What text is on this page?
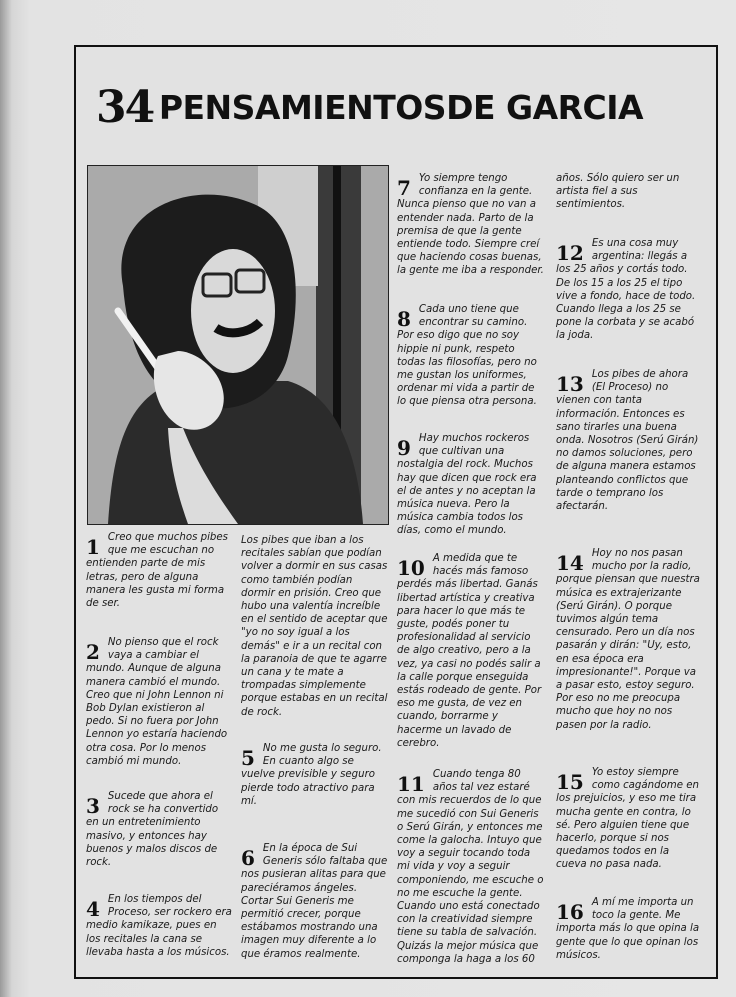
34 PENSAMIENTOSDE GARCIA
1 Creo que muchos pibes que me escuchan no entienden parte de mis letras, pero de alguna manera les gusta mi forma de ser.
2 No pienso que el rock vaya a cambiar el mundo. Aunque de alguna manera cambió el mundo. Creo que ni John Lennon ni Bob Dylan existieron al pedo. Si no fuera por John Lennon yo estaría haciendo otra cosa. Por lo menos cambió mi mundo.
3 Sucede que ahora el rock se ha convertido en un entretenimiento masivo, y entonces hay buenos y malos discos de rock.
4 En los tiempos del Proceso, ser rockero era medio kamikaze, pues en los recitales la cana se llevaba hasta a los músicos.
Los pibes que iban a los recitales sabían que podían volver a dormir en sus casas como también podían dormir en prisión. Creo que hubo una valentía increíble en el sentido de aceptar que "yo no soy igual a los demás" e ir a un recital con la paranoia de que te agarre un cana y te mate a trompadas simplemente porque estabas en un recital de rock.
5 No me gusta lo seguro. En cuanto algo se vuelve previsible y seguro pierde todo atractivo para mí.
6 En la época de Sui Generis sólo faltaba que nos pusieran alitas para que pareciéramos ángeles. Cortar Sui Generis me permitió crecer, porque estábamos mostrando una imagen muy diferente a lo que éramos realmente.
7 Yo siempre tengo confianza en la gente. Nunca pienso que no van a entender nada. Parto de la premisa de que la gente entiende todo. Siempre creí que haciendo cosas buenas, la gente me iba a responder.
8 Cada uno tiene que encontrar su camino. Por eso digo que no soy hippie ni punk, respeto todas las filosofías, pero no me gustan los uniformes, ordenar mi vida a partir de lo que piensa otra persona.
9 Hay muchos rockeros que cultivan una nostalgia del rock. Muchos hay que dicen que rock era el de antes y no aceptan la música nueva. Pero la música cambia todos los días, como el mundo.
10 A medida que te hacés más famoso perdés más libertad. Ganás libertad artística y creativa para hacer lo que más te guste, podés poner tu profesionalidad al servicio de algo creativo, pero a la vez, ya casi no podés salir a la calle porque enseguida estás rodeado de gente. Por eso me gusta, de vez en cuando, borrarme y hacerme un lavado de cerebro.
11 Cuando tenga 80 años tal vez estaré con mis recuerdos de lo que me sucedió con Sui Generis o Serú Girán, y entonces me come la galocha. Intuyo que voy a seguir tocando toda mi vida y voy a seguir componiendo, me escuche o no me escuche la gente. Cuando uno está conectado con la creatividad siempre tiene su tabla de salvación. Quizás la mejor música que componga la haga a los 60
años. Sólo quiero ser un artista fiel a sus sentimientos.
12 Es una cosa muy argentina: llegás a los 25 años y cortás todo. De los 15 a los 25 el tipo vive a fondo, hace de todo. Cuando llega a los 25 se pone la corbata y se acabó la joda.
13 Los pibes de ahora (El Proceso) no vienen con tanta información. Entonces es sano tirarles una buena onda. Nosotros (Serú Girán) no damos soluciones, pero de alguna manera estamos planteando conflictos que tarde o temprano los afectarán.
14 Hoy no nos pasan mucho por la radio, porque piensan que nuestra música es extrajerizante (Serú Girán). O porque tuvimos algún tema censurado. Pero un día nos pasarán y dirán: "Uy, esto, en esa época era impresionante!". Porque va a pasar esto, estoy seguro. Por eso no me preocupa mucho que hoy no nos pasen por la radio.
15 Yo estoy siempre como cagándome en los prejuicios, y eso me tira mucha gente en contra, lo sé. Pero alguien tiene que hacerlo, porque si nos quedamos todos en la cueva no pasa nada.
16 A mí me importa un toco la gente. Me importa más lo que opina la gente que lo que opinan los músicos.
